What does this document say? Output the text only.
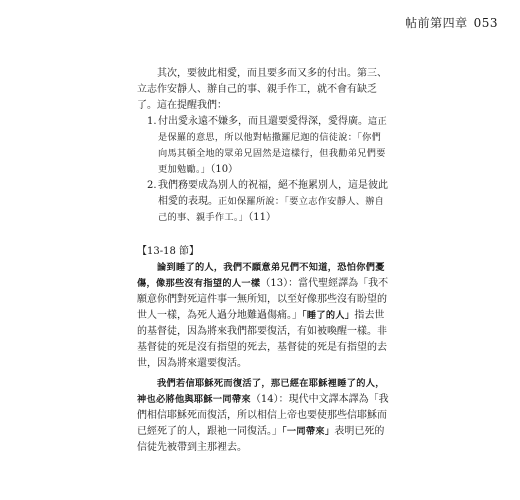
帖前第四章 053

其次，要彼此相愛，而且要多而又多的付出。第三、立志作安靜人、辦自己的事、親手作工，就不會有缺乏了。這在提醒我們：

1. 付出愛永遠不嫌多，而且還要愛得深，愛得廣。這正是保羅的意思，所以他對帖撒羅尼迦的信徒說：「你們向馬其頓全地的眾弟兄固然是這樣行，但我勸弟兄們要更加勉勵。」（10）
2. 我們務要成為別人的祝福，絕不拖累別人，這是彼此相愛的表現。正如保羅所說：「要立志作安靜人、辦自己的事、親手作工。」（11）

【13-18 節】

論到睡了的人，我們不願意弟兄們不知道，恐怕你們憂傷，像那些沒有指望的人一樣（13）：當代聖經譯為「我不願意你們對死這件事一無所知，以至好像那些沒有盼望的世人一樣，為死人過分地難過傷痛。」「睡了的人」指去世的基督徒，因為將來我們都要復活，有如被喚醒一樣。非基督徒的死是沒有指望的死去，基督徒的死是有指望的去世，因為將來還要復活。

我們若信耶穌死而復活了，那已經在耶穌裡睡了的人，神也必將他與耶穌一同帶來（14）：現代中文譯本譯為「我們相信耶穌死而復活，所以相信上帝也要使那些信耶穌而已經死了的人，跟祂一同復活。」「一同帶來」表明已死的信徒先被帶到主那裡去。
